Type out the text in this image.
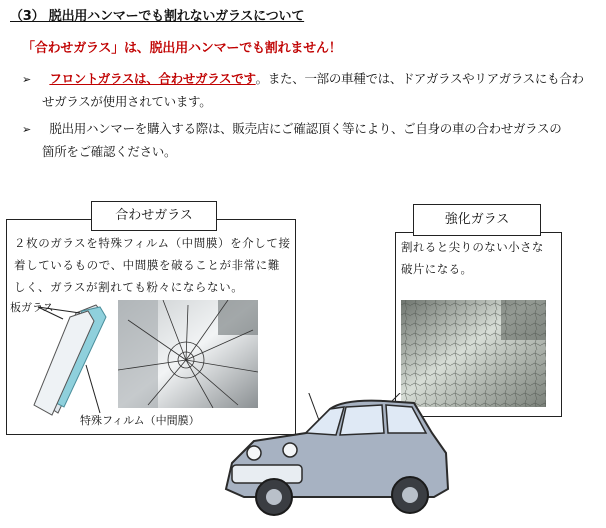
（3） 脱出用ハンマーでも割れないガラスについて
「合わせガラス」は、脱出用ハンマーでも割れません！
➢ フロントガラスは、合わせガラスです。また、一部の車種では、ドアガラスやリアガラスにも合わ
せガラスが使用されています。
➢ 脱出用ハンマーを購入する際は、販売店にご確認頂く等により、ご自身の車の合わせガラスの
箇所をご確認ください。
合わせガラス
２枚のガラスを特殊フィルム（中間膜）を介して接
着しているもので、中間膜を破ることが非常に難
しく、ガラスが割れても粉々にならない。
板ガラス
特殊フィルム（中間膜）
強化ガラス
割れると尖りのない小さな
破片になる。
